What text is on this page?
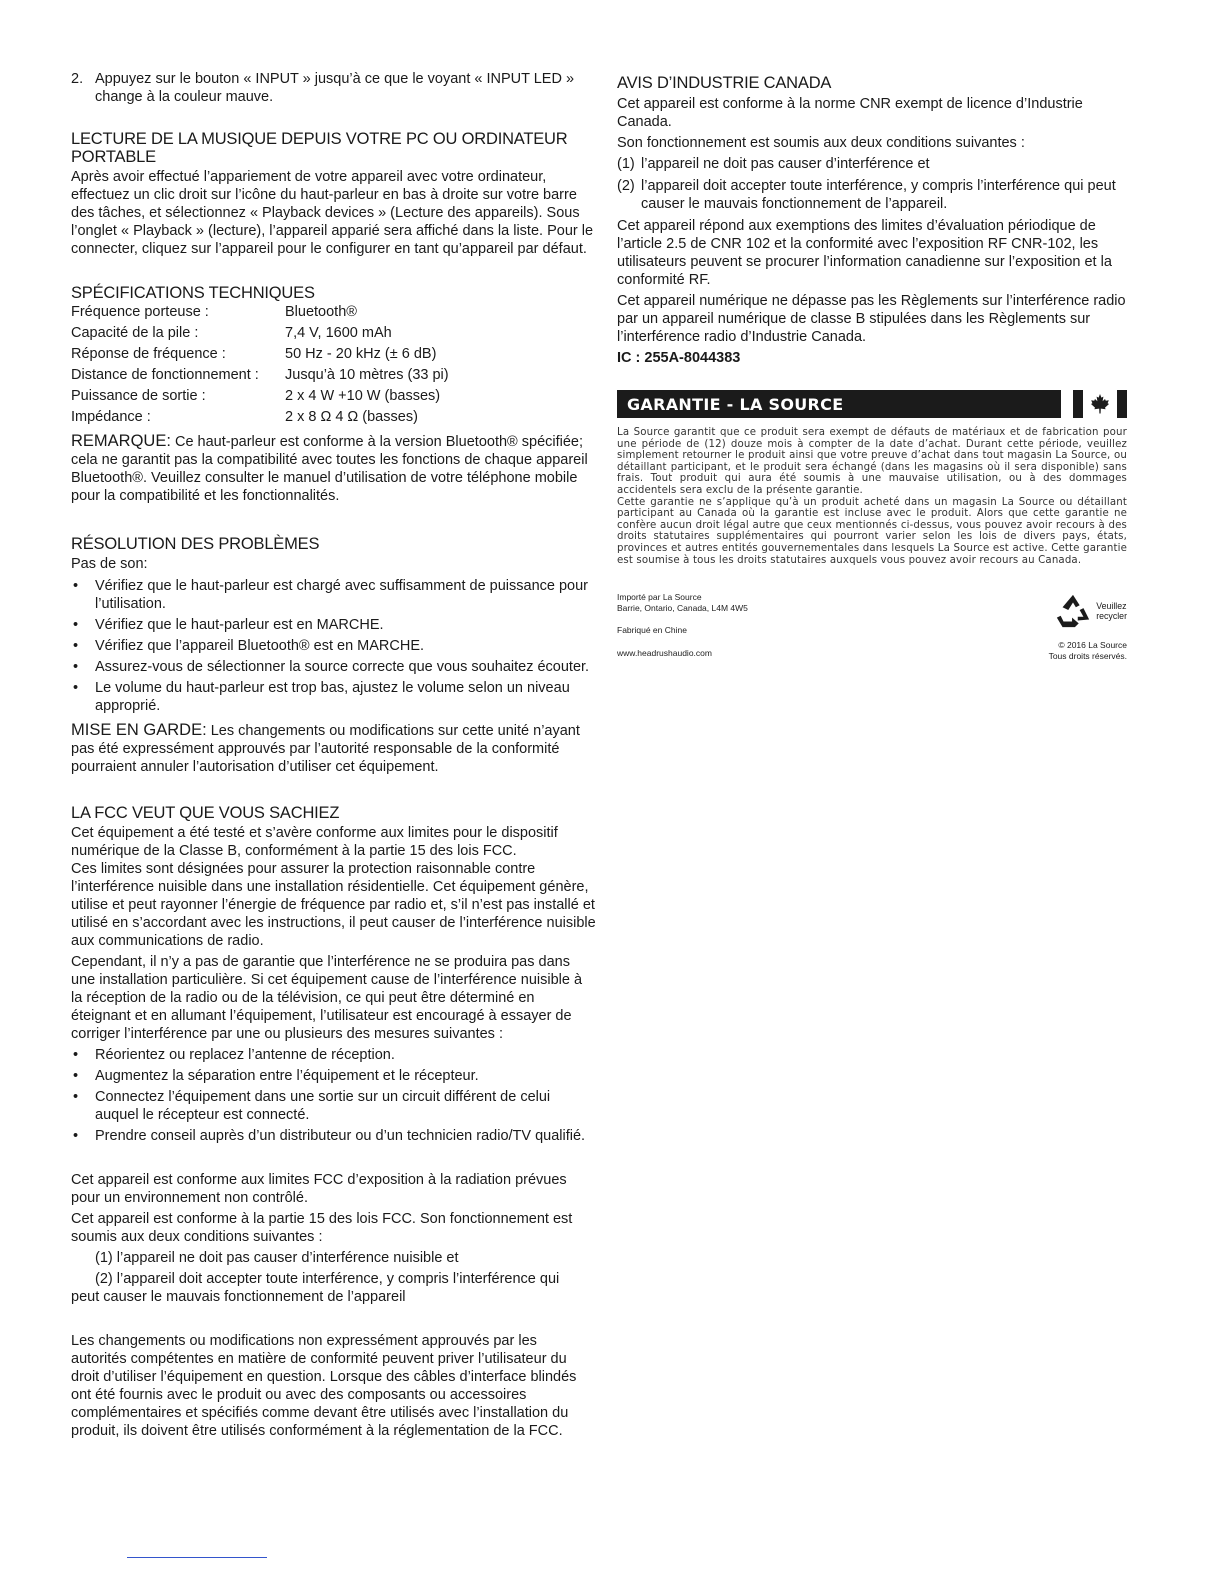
2. Appuyez sur le bouton « INPUT » jusqu’à ce que le voyant « INPUT LED » change à la couleur mauve.
LECTURE DE LA MUSIQUE DEPUIS VOTRE PC OU ORDINATEUR PORTABLE

Après avoir effectué l’appariement de votre appareil avec votre ordinateur, effectuez un clic droit sur l’icône du haut-parleur en bas à droite sur votre barre des tâches, et sélectionnez « Playback devices » (Lecture des appareils). Sous l’onglet « Playback » (lecture), l’appareil apparié sera affiché dans la liste. Pour le connecter, cliquez sur l’appareil pour le configurer en tant qu’appareil par défaut.

SPÉCIFICATIONS TECHNIQUES
Fréquence porteuse :	Bluetooth®
Capacité de la pile :	7,4 V, 1600 mAh
Réponse de fréquence :	50 Hz - 20 kHz (± 6 dB)
Distance de fonctionnement :	Jusqu’à 10 mètres (33 pi)
Puissance de sortie :	2 x 4 W +10 W (basses)
Impédance :	2 x 8 Ω 4 Ω (basses)

REMARQUE: Ce haut-parleur est conforme à la version Bluetooth® spécifiée; cela ne garantit pas la compatibilité avec toutes les fonctions de chaque appareil Bluetooth®. Veuillez consulter le manuel d’utilisation de votre téléphone mobile pour la compatibilité et les fonctionnalités.

RÉSOLUTION DES PROBLÈMES

Pas de son:

• Vérifiez que le haut-parleur est chargé avec suffisamment de puissance pour l’utilisation.
• Vérifiez que le haut-parleur est en MARCHE.
• Vérifiez que l’appareil Bluetooth® est en MARCHE.
• Assurez-vous de sélectionner la source correcte que vous souhaitez écouter.
• Le volume du haut-parleur est trop bas, ajustez le volume selon un niveau approprié.

MISE EN GARDE: Les changements ou modifications sur cette unité n’ayant pas été expressément approuvés par l’autorité responsable de la conformité pourraient annuler l’autorisation d’utiliser cet équipement.

LA FCC VEUT QUE VOUS SACHIEZ

Cet équipement a été testé et s’avère conforme aux limites pour le dispositif numérique de la Classe B, conformément à la partie 15 des lois FCC.

Ces limites sont désignées pour assurer la protection raisonnable contre l’interférence nuisible dans une installation résidentielle. Cet équipement génère, utilise et peut rayonner l’énergie de fréquence par radio et, s’il n’est pas installé et utilisé en s’accordant avec les instructions, il peut causer de l’interférence nuisible aux communications de radio.

Cependant, il n’y a pas de garantie que l’interférence ne se produira pas dans une installation particulière. Si cet équipement cause de l’interférence nuisible à la réception de la radio ou de la télévision, ce qui peut être déterminé en éteignant et en allumant l’équipement, l’utilisateur est encouragé à essayer de corriger l’interférence par une ou plusieurs des mesures suivantes :

• Réorientez ou replacez l’antenne de réception.
• Augmentez la séparation entre l’équipement et le récepteur.
• Connectez l’équipement dans une sortie sur un circuit différent de celui auquel le récepteur est connecté.
• Prendre conseil auprès d’un distributeur ou d’un technicien radio/TV qualifié.

Cet appareil est conforme aux limites FCC d’exposition à la radiation prévues pour un environnement non contrôlé.

Cet appareil est conforme à la partie 15 des lois FCC. Son fonctionnement est soumis aux deux conditions suivantes :

(1) l’appareil ne doit pas causer d’interférence nuisible et

(2) l’appareil doit accepter toute interférence, y compris l’interférence qui

peut causer le mauvais fonctionnement de l’appareil

Les changements ou modifications non expressément approuvés par les autorités compétentes en matière de conformité peuvent priver l’utilisateur du droit d’utiliser l’équipement en question. Lorsque des câbles d’interface blindés ont été fournis avec le produit ou avec des composants ou accessoires complémentaires et spécifiés comme devant être utilisés avec l’installation du produit, ils doivent être utilisés conformément à la réglementation de la FCC.

AVIS D’INDUSTRIE CANADA

Cet appareil est conforme à la norme CNR exempt de licence d’Industrie Canada.

Son fonctionnement est soumis aux deux conditions suivantes :

(1) l’appareil ne doit pas causer d’interférence et
(2) l’appareil doit accepter toute interférence, y compris l’interférence qui peut causer le mauvais fonctionnement de l’appareil.

Cet appareil répond aux exemptions des limites d’évaluation périodique de l’article 2.5 de CNR 102 et la conformité avec l’exposition RF CNR-102, les utilisateurs peuvent se procurer l’information canadienne sur l’exposition et la conformité RF.

Cet appareil numérique ne dépasse pas les Règlements sur l’interférence radio par un appareil numérique de classe B stipulées dans les Règlements sur l’interférence radio d’Industrie Canada.

IC : 255A-8044383

GARANTIE - LA SOURCE

La Source garantit que ce produit sera exempt de défauts de matériaux et de fabrication pour une période de (12) douze mois à compter de la date d’achat. Durant cette période, veuillez simplement retourner le produit ainsi que votre preuve d’achat dans tout magasin La Source, ou détaillant participant, et le produit sera échangé (dans les magasins où il sera disponible) sans frais. Tout produit qui aura été soumis à une mauvaise utilisation, ou à des dommages accidentels sera exclu de la présente garantie.

Cette garantie ne s’applique qu’à un produit acheté dans un magasin La Source ou détaillant participant au Canada où la garantie est incluse avec le produit. Alors que cette garantie ne confère aucun droit légal autre que ceux mentionnés ci-dessus, vous pouvez avoir recours à des droits statutaires supplémentaires qui pourront varier selon les lois de divers pays, états, provinces et autres entités gouvernementales dans lesquels La Source est active. Cette garantie est soumise à tous les droits statutaires auxquels vous pouvez avoir recours au Canada.

Importé par La Source
Barrie, Ontario, Canada, L4M 4W5
Fabriqué en Chine
www.headrushaudio.com
Veuillez
recycler
© 2016 La Source
Tous droits réservés.
